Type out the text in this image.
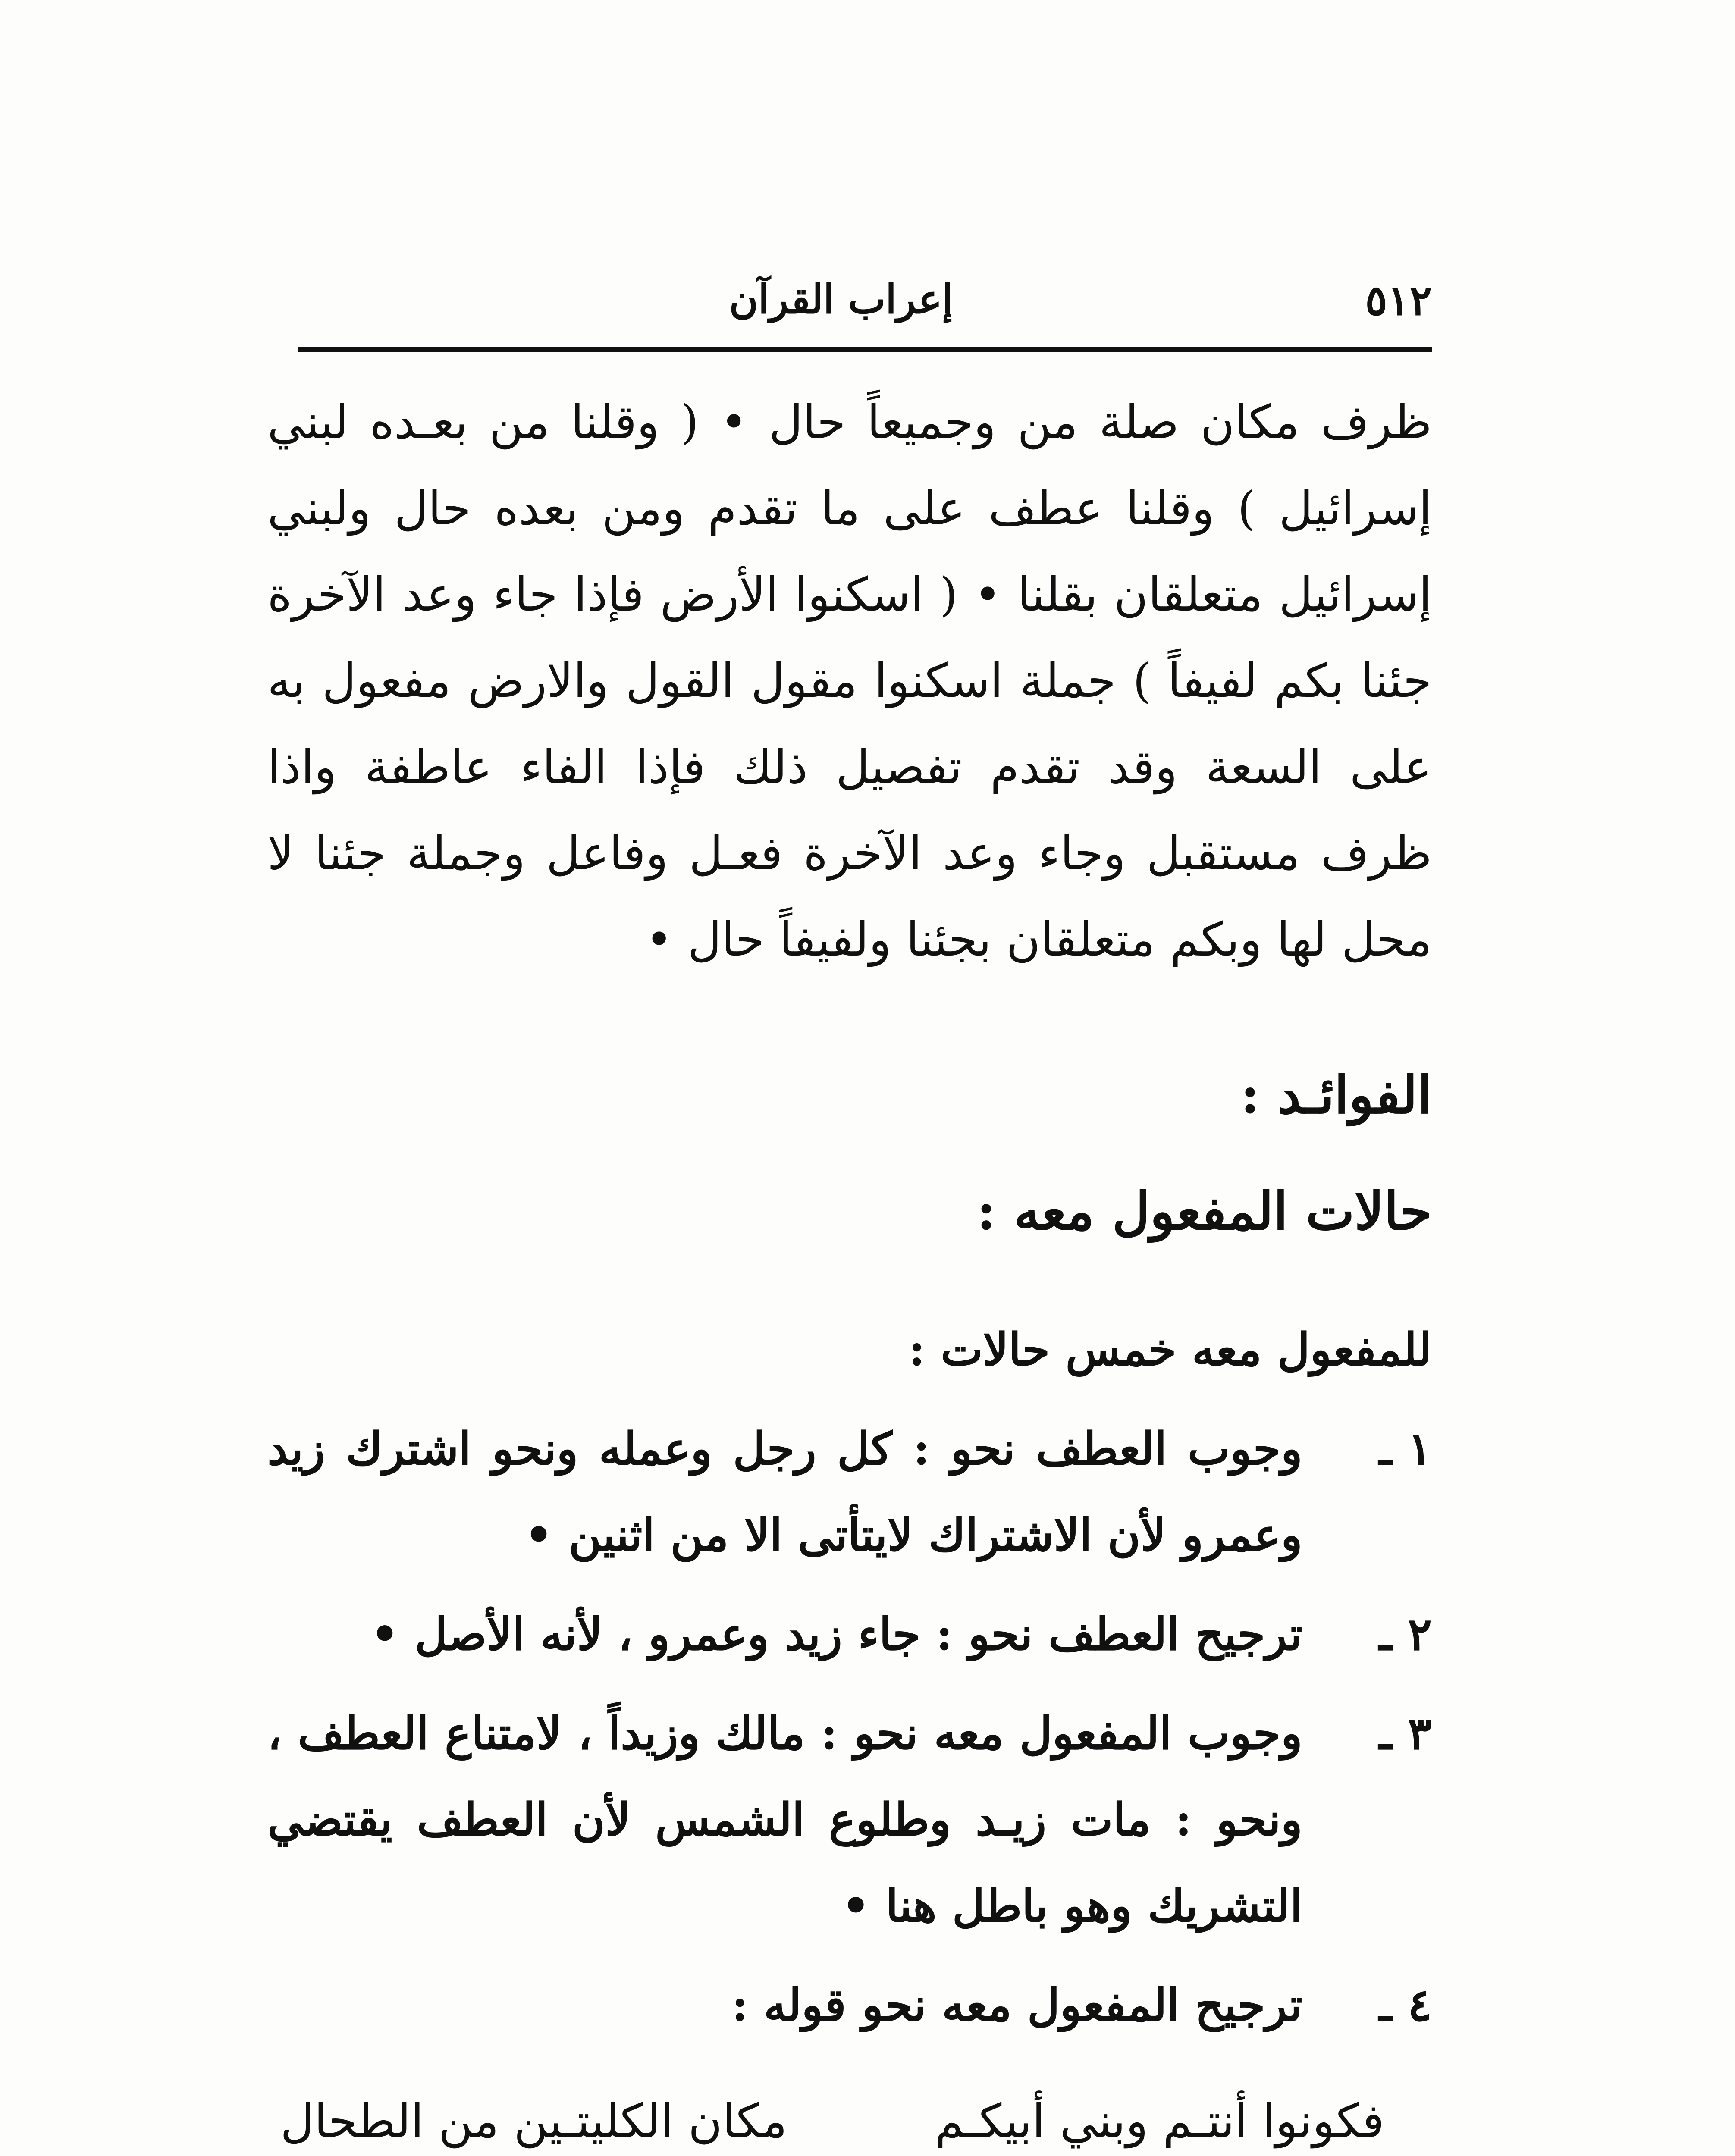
٥١٢
إعراب القرآن

ظرف مكان صلة من وجميعاً حال • ( وقلنا من بعـده لبني إسرائيل ) وقلنا عطف على ما تقدم ومن بعده حال ولبني إسرائيل متعلقان بقلنا • ( اسكنوا الأرض فإذا جاء وعد الآخرة جئنا بكم لفيفاً ) جملة اسكنوا مقول القول والارض مفعول به على السعة وقد تقدم تفصيل ذلك فإذا الفاء عاطفة واذا ظرف مستقبل وجاء وعد الآخرة فعـل وفاعل وجملة جئنا لا محل لها وبكم متعلقان بجئنا ولفيفاً حال •

الفوائـد :
حالات المفعول معه :

للمفعول معه خمس حالات :

١ ـ
وجوب العطف نحو : كل رجل وعمله ونحو اشترك زيد وعمرو لأن الاشتراك لايتأتى الا من اثنين •
٢ ـ
ترجيح العطف نحو : جاء زيد وعمرو ، لأنه الأصل •
٣ ـ
وجوب المفعول معه نحو : مالك وزيداً ، لامتناع العطف ، ونحو : مات زيـد وطلوع الشمس لأن العطف يقتضي التشريك وهو باطل هنا •
٤ ـ
ترجيح المفعول معه نحو قوله :
فكونوا أنتـم وبني أبيكـم
مكان الكليتـين من الطحال
